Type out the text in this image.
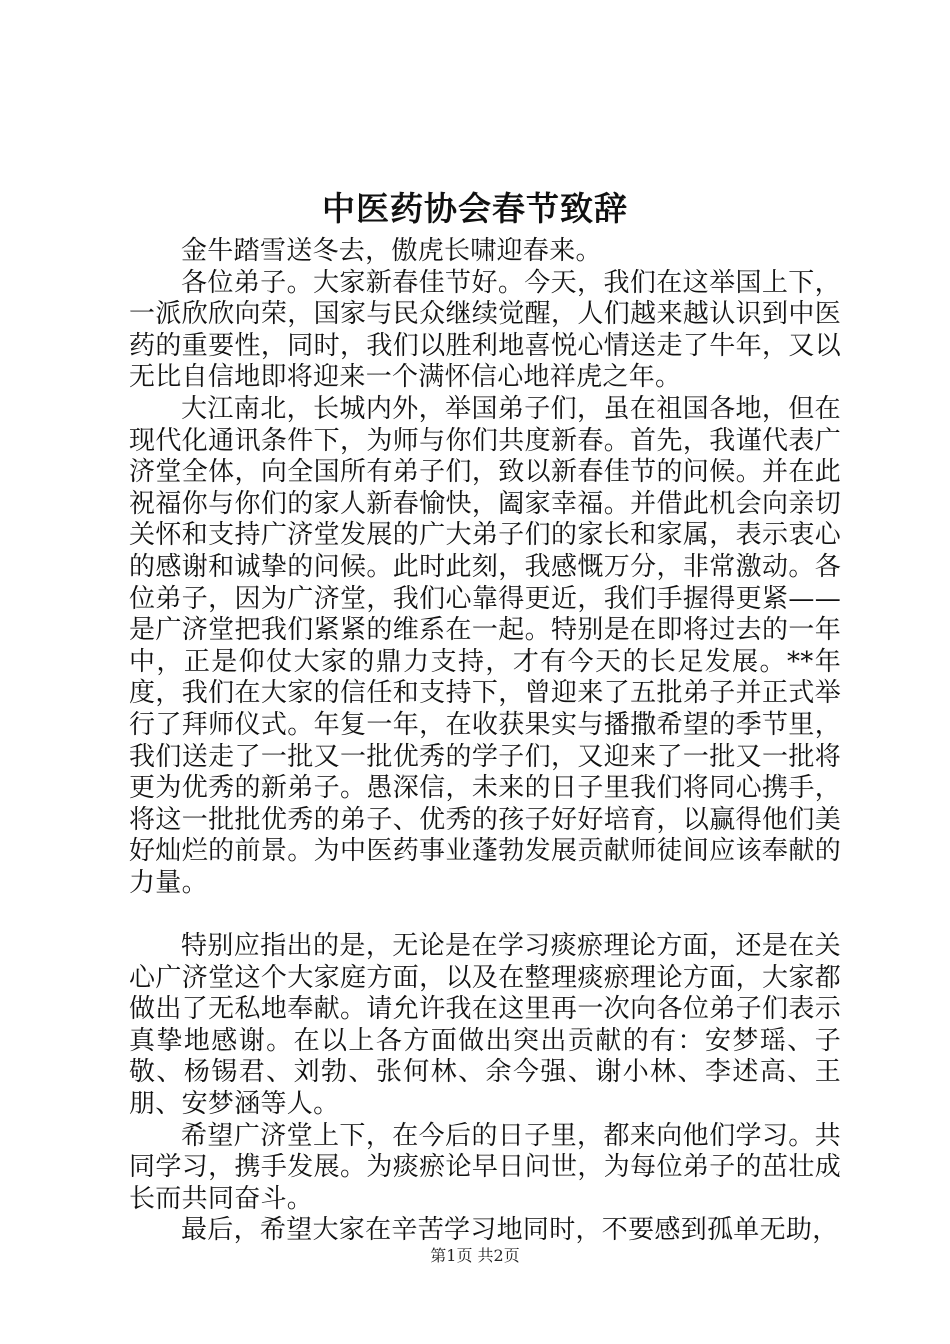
中医药协会春节致辞

金牛踏雪送冬去，傲虎长啸迎春来。

各位弟子。大家新春佳节好。今天，我们在这举国上下，一派欣欣向荣，国家与民众继续觉醒，人们越来越认识到中医药的重要性，同时，我们以胜利地喜悦心情送走了牛年，又以无比自信地即将迎来一个满怀信心地祥虎之年。

大江南北，长城内外，举国弟子们，虽在祖国各地，但在现代化通讯条件下，为师与你们共度新春。首先，我谨代表广济堂全体，向全国所有弟子们，致以新春佳节的问候。并在此祝福你与你们的家人新春愉快，阖家幸福。并借此机会向亲切关怀和支持广济堂发展的广大弟子们的家长和家属，表示衷心的感谢和诚挚的问候。此时此刻，我感慨万分，非常激动。各位弟子，因为广济堂，我们心靠得更近，我们手握得更紧——是广济堂把我们紧紧的维系在一起。特别是在即将过去的一年中，正是仰仗大家的鼎力支持，才有今天的长足发展。**年度，我们在大家的信任和支持下，曾迎来了五批弟子并正式举行了拜师仪式。年复一年，在收获果实与播撒希望的季节里，我们送走了一批又一批优秀的学子们，又迎来了一批又一批将更为优秀的新弟子。愚深信，未来的日子里我们将同心携手，将这一批批优秀的弟子、优秀的孩子好好培育，以赢得他们美好灿烂的前景。为中医药事业蓬勃发展贡献师徒间应该奉献的力量。

特别应指出的是，无论是在学习痰瘀理论方面，还是在关心广济堂这个大家庭方面，以及在整理痰瘀理论方面，大家都做出了无私地奉献。请允许我在这里再一次向各位弟子们表示真挚地感谢。在以上各方面做出突出贡献的有：安梦瑶、子敬、杨锡君、刘勃、张何林、余今强、谢小林、李述高、王朋、安梦涵等人。

希望广济堂上下，在今后的日子里，都来向他们学习。共同学习，携手发展。为痰瘀论早日问世，为每位弟子的茁壮成长而共同奋斗。

最后，希望大家在辛苦学习地同时，不要感到孤单无助，

第1页 共2页
